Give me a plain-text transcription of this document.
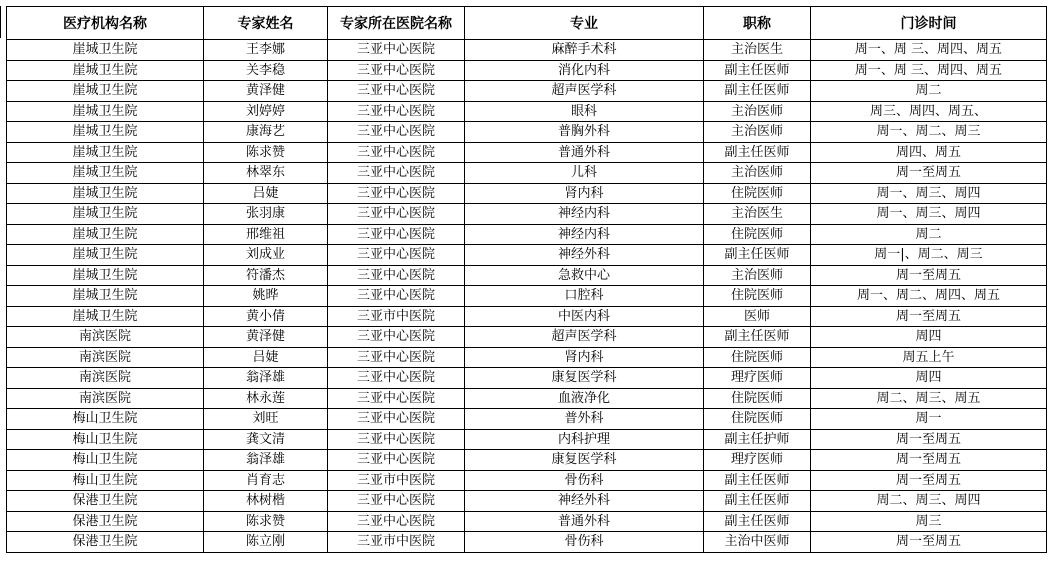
医疗机构名称	专家姓名	专家所在医院名称	专业	职称	门诊时间
崖城卫生院	王李娜	三亚中心医院	麻醉手术科	主治医生	周一、周 三、周四、周五
崖城卫生院	关李稳	三亚中心医院	消化内科	副主任医师	周一、周 三、周四、周五
崖城卫生院	黄泽健	三亚中心医院	超声医学科	副主任医师	周二
崖城卫生院	刘婷婷	三亚中心医院	眼科	主治医师	周三、周四、周五、
崖城卫生院	康海艺	三亚中心医院	普胸外科	主治医师	周一、周二、周三
崖城卫生院	陈求赞	三亚中心医院	普通外科	副主任医师	周四、周五
崖城卫生院	林翠东	三亚中心医院	儿科	主治医师	周一至周五
崖城卫生院	吕婕	三亚中心医院	肾内科	住院医师	周一、周三、周四
崖城卫生院	张羽康	三亚中心医院	神经内科	主治医生	周一、周三、周四
崖城卫生院	邢维祖	三亚中心医院	神经内科	住院医师	周二
崖城卫生院	刘成业	三亚中心医院	神经外科	副主任医师	周一|、周二、周三
崖城卫生院	符潘杰	三亚中心医院	急救中心	主治医师	周一至周五
崖城卫生院	姚晔	三亚中心医院	口腔科	住院医师	周一、周二、周四、周五
崖城卫生院	黄小倩	三亚市中医院	中医内科	医师	周一至周五
南滨医院	黄泽健	三亚中心医院	超声医学科	副主任医师	周四
南滨医院	吕婕	三亚中心医院	肾内科	住院医师	周五上午
南滨医院	翁泽雄	三亚中心医院	康复医学科	理疗医师	周四
南滨医院	林永莲	三亚中心医院	血液净化	住院医师	周二、周三、周五
梅山卫生院	刘旺	三亚中心医院	普外科	住院医师	周一
梅山卫生院	龚文清	三亚中心医院	内科护理	副主任护师	周一至周五
梅山卫生院	翁泽雄	三亚中心医院	康复医学科	理疗医师	周一至周五
梅山卫生院	肖育志	三亚市中医院	骨伤科	副主任医师	周一至周五
保港卫生院	林树楷	三亚中心医院	神经外科	副主任医师	周二、周三、周四
保港卫生院	陈求赞	三亚中心医院	普通外科	副主任医师	周三
保港卫生院	陈立刚	三亚市中医院	骨伤科	主治中医师	周一至周五
